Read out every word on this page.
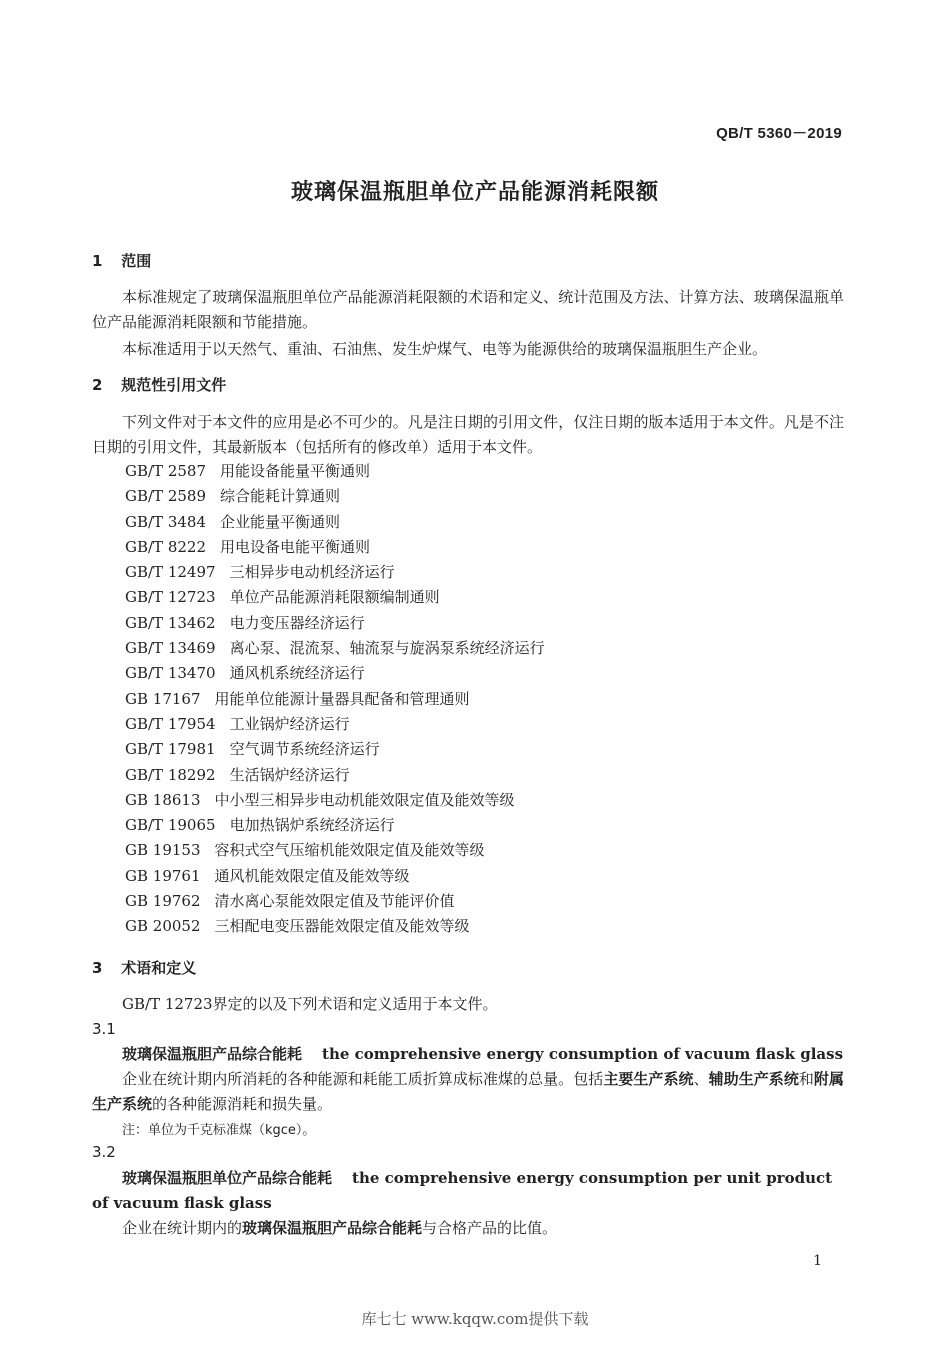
QB/T 5360－2019
玻璃保温瓶胆单位产品能源消耗限额
1 范围
本标准规定了玻璃保温瓶胆单位产品能源消耗限额的术语和定义、统计范围及方法、计算方法、玻璃保温瓶单位产品能源消耗限额和节能措施。
本标准适用于以天然气、重油、石油焦、发生炉煤气、电等为能源供给的玻璃保温瓶胆生产企业。
2 规范性引用文件
下列文件对于本文件的应用是必不可少的。凡是注日期的引用文件，仅注日期的版本适用于本文件。凡是不注日期的引用文件，其最新版本（包括所有的修改单）适用于本文件。
GB/T 2587 用能设备能量平衡通则
GB/T 2589 综合能耗计算通则
GB/T 3484 企业能量平衡通则
GB/T 8222 用电设备电能平衡通则
GB/T 12497 三相异步电动机经济运行
GB/T 12723 单位产品能源消耗限额编制通则
GB/T 13462 电力变压器经济运行
GB/T 13469 离心泵、混流泵、轴流泵与旋涡泵系统经济运行
GB/T 13470 通风机系统经济运行
GB 17167 用能单位能源计量器具配备和管理通则
GB/T 17954 工业锅炉经济运行
GB/T 17981 空气调节系统经济运行
GB/T 18292 生活锅炉经济运行
GB 18613 中小型三相异步电动机能效限定值及能效等级
GB/T 19065 电加热锅炉系统经济运行
GB 19153 容积式空气压缩机能效限定值及能效等级
GB 19761 通风机能效限定值及能效等级
GB 19762 清水离心泵能效限定值及节能评价值
GB 20052 三相配电变压器能效限定值及能效等级
3 术语和定义
GB/T 12723界定的以及下列术语和定义适用于本文件。
3.1
玻璃保温瓶胆产品综合能耗 the comprehensive energy consumption of vacuum flask glass
企业在统计期内所消耗的各种能源和耗能工质折算成标准煤的总量。包括主要生产系统、辅助生产系统和附属生产系统的各种能源消耗和损失量。
注：单位为千克标准煤（kgce）。
3.2
玻璃保温瓶胆单位产品综合能耗 the comprehensive energy consumption per unit product of vacuum flask glass
企业在统计期内的玻璃保温瓶胆产品综合能耗与合格产品的比值。
1
库七七 www.kqqw.com提供下载
